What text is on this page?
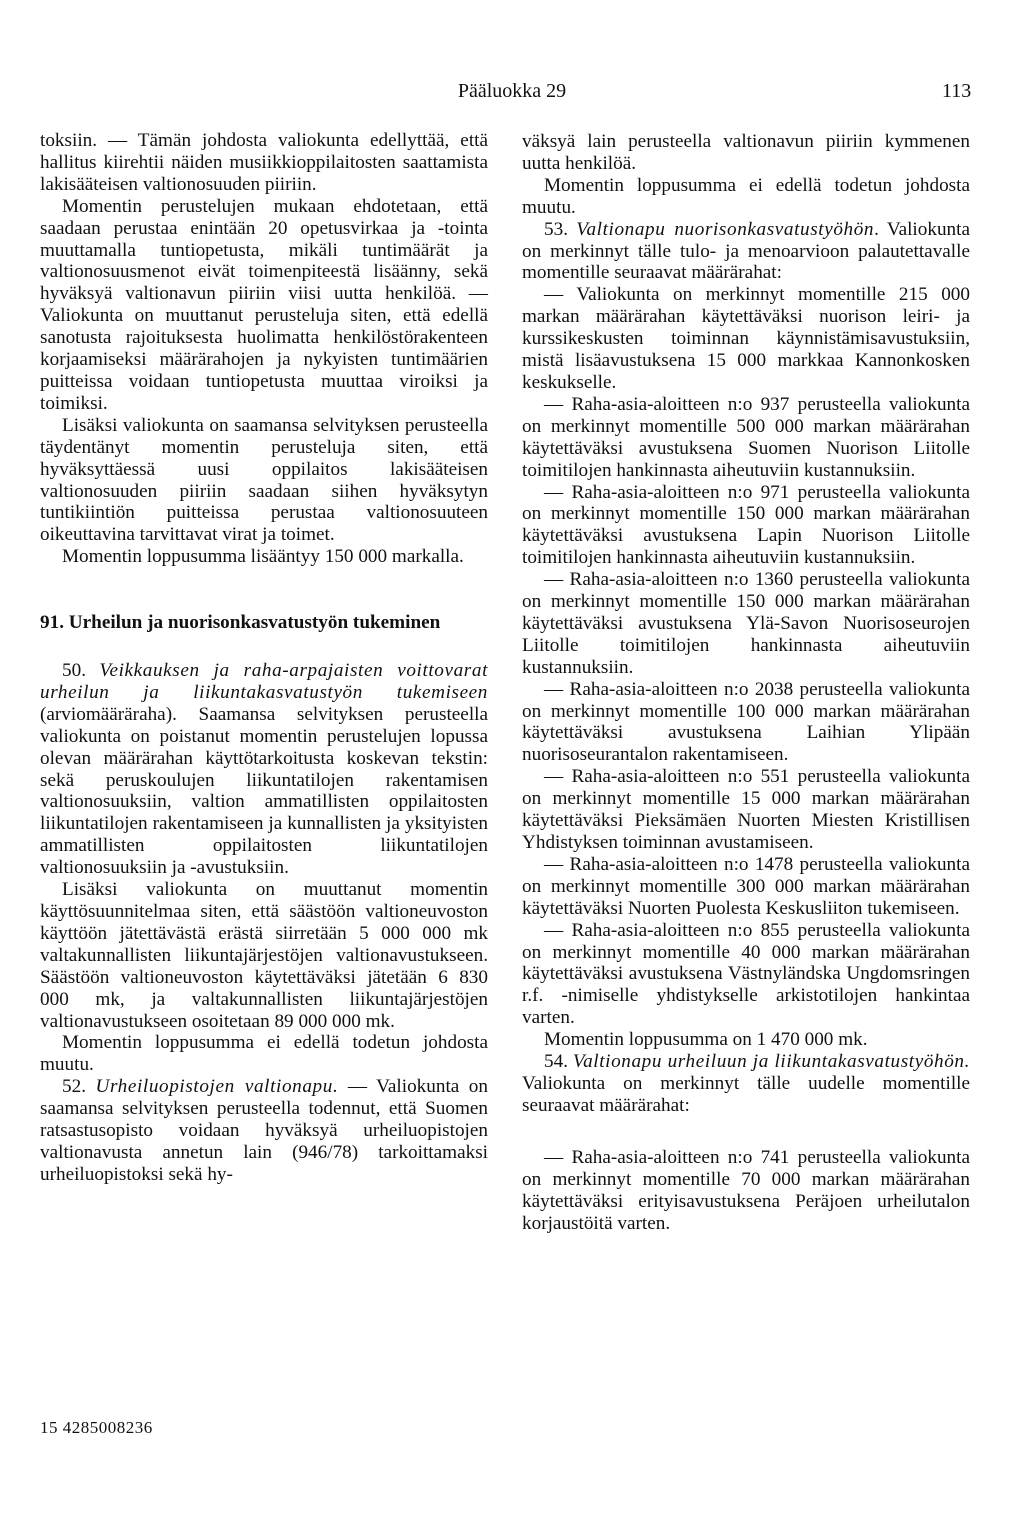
Pääluokka 29	113

toksiin. — Tämän johdosta valiokunta edellyttää, että hallitus kiirehtii näiden musiikkioppilaitosten saattamista lakisääteisen valtionosuuden piiriin.

Momentin perustelujen mukaan ehdotetaan, että saadaan perustaa enintään 20 opetusvirkaa ja -tointa muuttamalla tuntiopetusta, mikäli tuntimäärät ja valtionosuusmenot eivät toimenpiteestä lisäänny, sekä hyväksyä valtionavun piiriin viisi uutta henkilöä. — Valiokunta on muuttanut perusteluja siten, että edellä sanotusta rajoituksesta huolimatta henkilöstörakenteen korjaamiseksi määrärahojen ja nykyisten tuntimäärien puitteissa voidaan tuntiopetusta muuttaa viroiksi ja toimiksi.

Lisäksi valiokunta on saamansa selvityksen perusteella täydentänyt momentin perusteluja siten, että hyväksyttäessä uusi oppilaitos lakisääteisen valtionosuuden piiriin saadaan siihen hyväksytyn tuntikiintiön puitteissa perustaa valtionosuuteen oikeuttavina tarvittavat virat ja toimet.

Momentin loppusumma lisääntyy 150 000 markalla.

91. Urheilun ja nuorisonkasvatustyön tukeminen

50. Veikkauksen ja raha-arpajaisten voittovarat urheilun ja liikuntakasvatustyön tukemiseen (arviomääräraha). Saamansa selvityksen perusteella valiokunta on poistanut momentin perustelujen lopussa olevan määrärahan käyttötarkoitusta koskevan tekstin: sekä peruskoulujen liikuntatilojen rakentamisen valtionosuuksiin, valtion ammatillisten oppilaitosten liikuntatilojen rakentamiseen ja kunnallisten ja yksityisten ammatillisten oppilaitosten liikuntatilojen valtionosuuksiin ja -avustuksiin.

Lisäksi valiokunta on muuttanut momentin käyttösuunnitelmaa siten, että säästöön valtioneuvoston käyttöön jätettävästä erästä siirretään 5 000 000 mk valtakunnallisten liikuntajärjestöjen valtionavustukseen. Säästöön valtioneuvoston käytettäväksi jätetään 6 830 000 mk, ja valtakunnallisten liikuntajärjestöjen valtionavustukseen osoitetaan 89 000 000 mk.

Momentin loppusumma ei edellä todetun johdosta muutu.

52. Urheiluopistojen valtionapu. — Valiokunta on saamansa selvityksen perusteella todennut, että Suomen ratsastusopisto voidaan hyväksyä urheiluopistojen valtionavusta annetun lain (946/78) tarkoittamaksi urheiluopistoksi sekä hy-

väksyä lain perusteella valtionavun piiriin kymmenen uutta henkilöä.

Momentin loppusumma ei edellä todetun johdosta muutu.

53. Valtionapu nuorisonkasvatustyöhön. Valiokunta on merkinnyt tälle tulo- ja menoarvioon palautettavalle momentille seuraavat määrärahat:

— Valiokunta on merkinnyt momentille 215 000 markan määrärahan käytettäväksi nuorison leiri- ja kurssikeskusten toiminnan käynnistämisavustuksiin, mistä lisäavustuksena 15 000 markkaa Kannonkosken keskukselle.

— Raha-asia-aloitteen n:o 937 perusteella valiokunta on merkinnyt momentille 500 000 markan määrärahan käytettäväksi avustuksena Suomen Nuorison Liitolle toimitilojen hankinnasta aiheutuviin kustannuksiin.

— Raha-asia-aloitteen n:o 971 perusteella valiokunta on merkinnyt momentille 150 000 markan määrärahan käytettäväksi avustuksena Lapin Nuorison Liitolle toimitilojen hankinnasta aiheutuviin kustannuksiin.

— Raha-asia-aloitteen n:o 1360 perusteella valiokunta on merkinnyt momentille 150 000 markan määrärahan käytettäväksi avustuksena Ylä-Savon Nuorisoseurojen Liitolle toimitilojen hankinnasta aiheutuviin kustannuksiin.

— Raha-asia-aloitteen n:o 2038 perusteella valiokunta on merkinnyt momentille 100 000 markan määrärahan käytettäväksi avustuksena Laihian Ylipään nuorisoseurantalon rakentamiseen.

— Raha-asia-aloitteen n:o 551 perusteella valiokunta on merkinnyt momentille 15 000 markan määrärahan käytettäväksi Pieksämäen Nuorten Miesten Kristillisen Yhdistyksen toiminnan avustamiseen.

— Raha-asia-aloitteen n:o 1478 perusteella valiokunta on merkinnyt momentille 300 000 markan määrärahan käytettäväksi Nuorten Puolesta Keskusliiton tukemiseen.

— Raha-asia-aloitteen n:o 855 perusteella valiokunta on merkinnyt momentille 40 000 markan määrärahan käytettäväksi avustuksena Västnyländska Ungdomsringen r.f. -nimiselle yhdistykselle arkistotilojen hankintaa varten.

Momentin loppusumma on 1 470 000 mk.

54. Valtionapu urheiluun ja liikuntakasvatustyöhön. Valiokunta on merkinnyt tälle uudelle momentille seuraavat määrärahat:

— Raha-asia-aloitteen n:o 741 perusteella valiokunta on merkinnyt momentille 70 000 markan määrärahan käytettäväksi erityisavustuksena Peräjoen urheilutalon korjaustöitä varten.

15 4285008236
